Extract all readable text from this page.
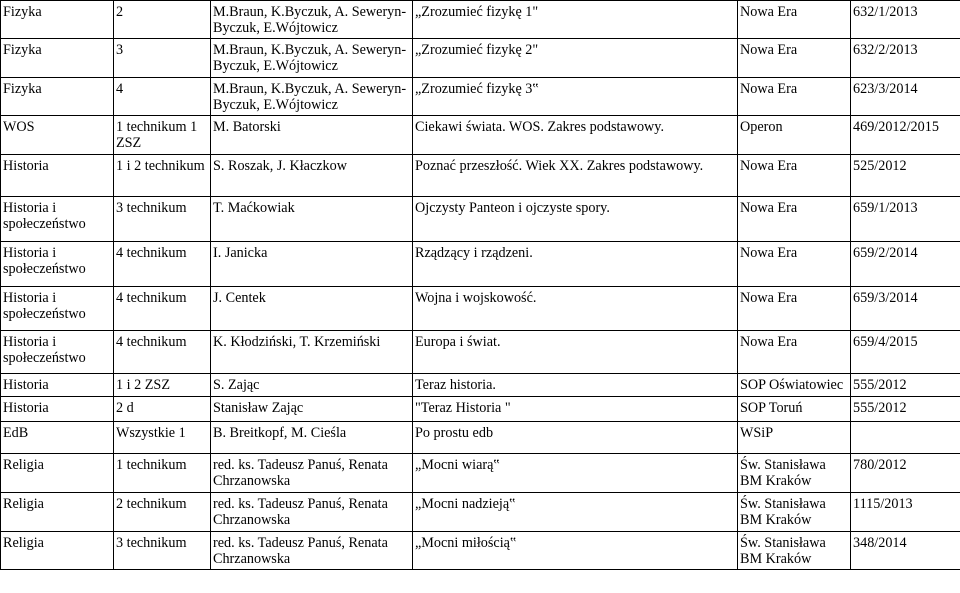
Fizyka	2	M.Braun, K.Byczuk, A. Seweryn-Byczuk, E.Wójtowicz	„Zrozumieć fizykę 1"	Nowa Era	632/1/2013
Fizyka	3	M.Braun, K.Byczuk, A. Seweryn-Byczuk, E.Wójtowicz	„Zrozumieć fizykę 2"	Nowa Era	632/2/2013
Fizyka	4	M.Braun, K.Byczuk, A. Seweryn-Byczuk, E.Wójtowicz	„Zrozumieć fizykę 3‟	Nowa Era	623/3/2014
WOS	1 technikum 1 ZSZ	M. Batorski	Ciekawi świata. WOS. Zakres podstawowy.	Operon	469/2012/2015
Historia	1 i 2 technikum	S. Roszak, J. Kłaczkow	Poznać przeszłość. Wiek XX. Zakres podstawowy.	Nowa Era	525/2012
Historia i społeczeństwo	3 technikum	T. Maćkowiak	Ojczysty Panteon i ojczyste spory.	Nowa Era	659/1/2013
Historia i społeczeństwo	4 technikum	I. Janicka	Rządzący i rządzeni.	Nowa Era	659/2/2014
Historia i społeczeństwo	4 technikum	J. Centek	Wojna i wojskowość.	Nowa Era	659/3/2014
Historia i społeczeństwo	4 technikum	K. Kłodziński, T. Krzemiński	Europa i świat.	Nowa Era	659/4/2015
Historia	1 i 2 ZSZ	S. Zając	Teraz historia.	SOP Oświatowiec	555/2012
Historia	2 d	Stanisław Zając	"Teraz Historia "	SOP Toruń	555/2012
EdB	Wszystkie 1	B. Breitkopf, M. Cieśla	Po prostu edb	WSiP	
Religia	1 technikum	red. ks. Tadeusz Panuś, Renata Chrzanowska	„Mocni wiarą‟	Św. Stanisława BM Kraków	780/2012
Religia	2 technikum	red. ks. Tadeusz Panuś, Renata Chrzanowska	„Mocni nadzieją‟	Św. Stanisława BM Kraków	1115/2013
Religia	3 technikum	red. ks. Tadeusz Panuś, Renata Chrzanowska	„Mocni miłością‟	Św. Stanisława BM Kraków	348/2014
